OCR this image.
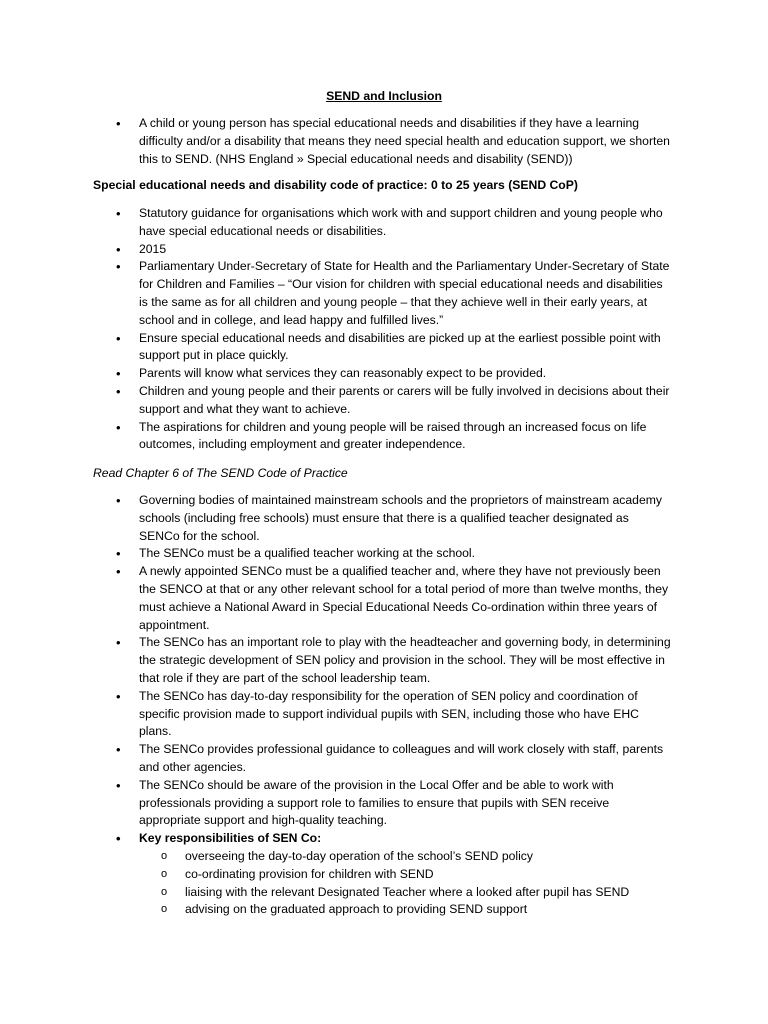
SEND and Inclusion
• A child or young person has special educational needs and disabilities if they have a learning difficulty and/or a disability that means they need special health and education support, we shorten this to SEND. (NHS England » Special educational needs and disability (SEND))
Special educational needs and disability code of practice: 0 to 25 years (SEND CoP)
• Statutory guidance for organisations which work with and support children and young people who have special educational needs or disabilities.
• 2015
• Parliamentary Under-Secretary of State for Health and the Parliamentary Under-Secretary of State for Children and Families – “Our vision for children with special educational needs and disabilities is the same as for all children and young people – that they achieve well in their early years, at school and in college, and lead happy and fulfilled lives.”
• Ensure special educational needs and disabilities are picked up at the earliest possible point with support put in place quickly.
• Parents will know what services they can reasonably expect to be provided.
• Children and young people and their parents or carers will be fully involved in decisions about their support and what they want to achieve.
• The aspirations for children and young people will be raised through an increased focus on life outcomes, including employment and greater independence.
Read Chapter 6 of The SEND Code of Practice
• Governing bodies of maintained mainstream schools and the proprietors of mainstream academy schools (including free schools) must ensure that there is a qualified teacher designated as SENCo for the school.
• The SENCo must be a qualified teacher working at the school.
• A newly appointed SENCo must be a qualified teacher and, where they have not previously been the SENCO at that or any other relevant school for a total period of more than twelve months, they must achieve a National Award in Special Educational Needs Co-ordination within three years of appointment.
• The SENCo has an important role to play with the headteacher and governing body, in determining the strategic development of SEN policy and provision in the school. They will be most effective in that role if they are part of the school leadership team.
• The SENCo has day-to-day responsibility for the operation of SEN policy and coordination of specific provision made to support individual pupils with SEN, including those who have EHC plans.
• The SENCo provides professional guidance to colleagues and will work closely with staff, parents and other agencies.
• The SENCo should be aware of the provision in the Local Offer and be able to work with professionals providing a support role to families to ensure that pupils with SEN receive appropriate support and high-quality teaching.
• Key responsibilities of SEN Co:
o overseeing the day-to-day operation of the school’s SEND policy
o co-ordinating provision for children with SEND
o liaising with the relevant Designated Teacher where a looked after pupil has SEND
o advising on the graduated approach to providing SEND support
